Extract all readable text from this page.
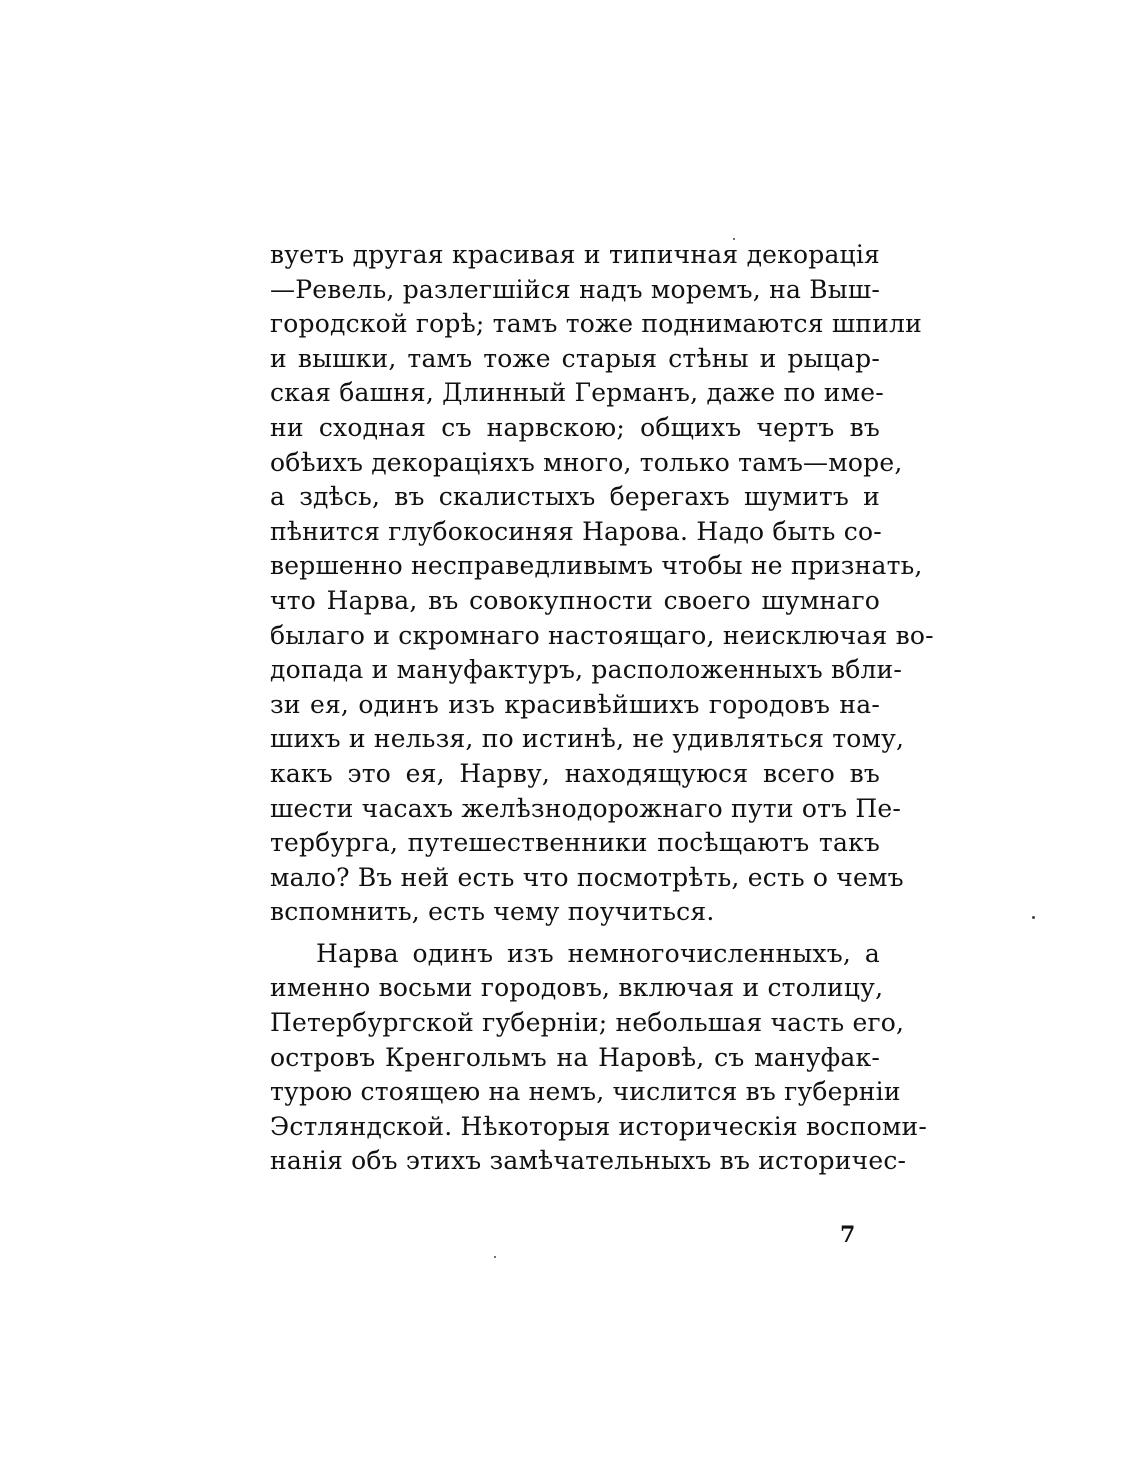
вуетъ другая красивая и типичная декорація
—Ревель, разлегшійся надъ моремъ, на Выш-
городской горѣ; тамъ тоже поднимаются шпили
и вышки, тамъ тоже старыя стѣны и рыцар-
ская башня, Длинный Германъ, даже по име-
ни сходная съ нарвскою; общихъ чертъ въ
обѣихъ декораціяхъ много, только тамъ—море,
а здѣсь, въ скалистыхъ берегахъ шумитъ и
пѣнится глубокосиняя Нарова. Надо быть со-
вершенно несправедливымъ чтобы не признать,
что Нарва, въ совокупности своего шумнаго
былаго и скромнаго настоящаго, неисключая во-
допада и мануфактуръ, расположенныхъ вбли-
зи ея, одинъ изъ красивѣйшихъ городовъ на-
шихъ и нельзя, по истинѣ, не удивляться тому,
какъ это ея, Нарву, находящуюся всего въ
шести часахъ желѣзнодорожнаго пути отъ Пе-
тербурга, путешественники посѣщаютъ такъ
мало? Въ ней есть что посмотрѣть, есть о чемъ
вспомнить, есть чему поучиться.
Нарва одинъ изъ немногочисленныхъ, а
именно восьми городовъ, включая и столицу,
Петербургской губерніи; небольшая часть его,
островъ Кренгольмъ на Наровѣ, съ мануфак-
турою стоящею на немъ, числится въ губерніи
Эстляндской. Нѣкоторыя историческія воспоми-
нанія объ этихъ замѣчательныхъ въ историчес-
7
